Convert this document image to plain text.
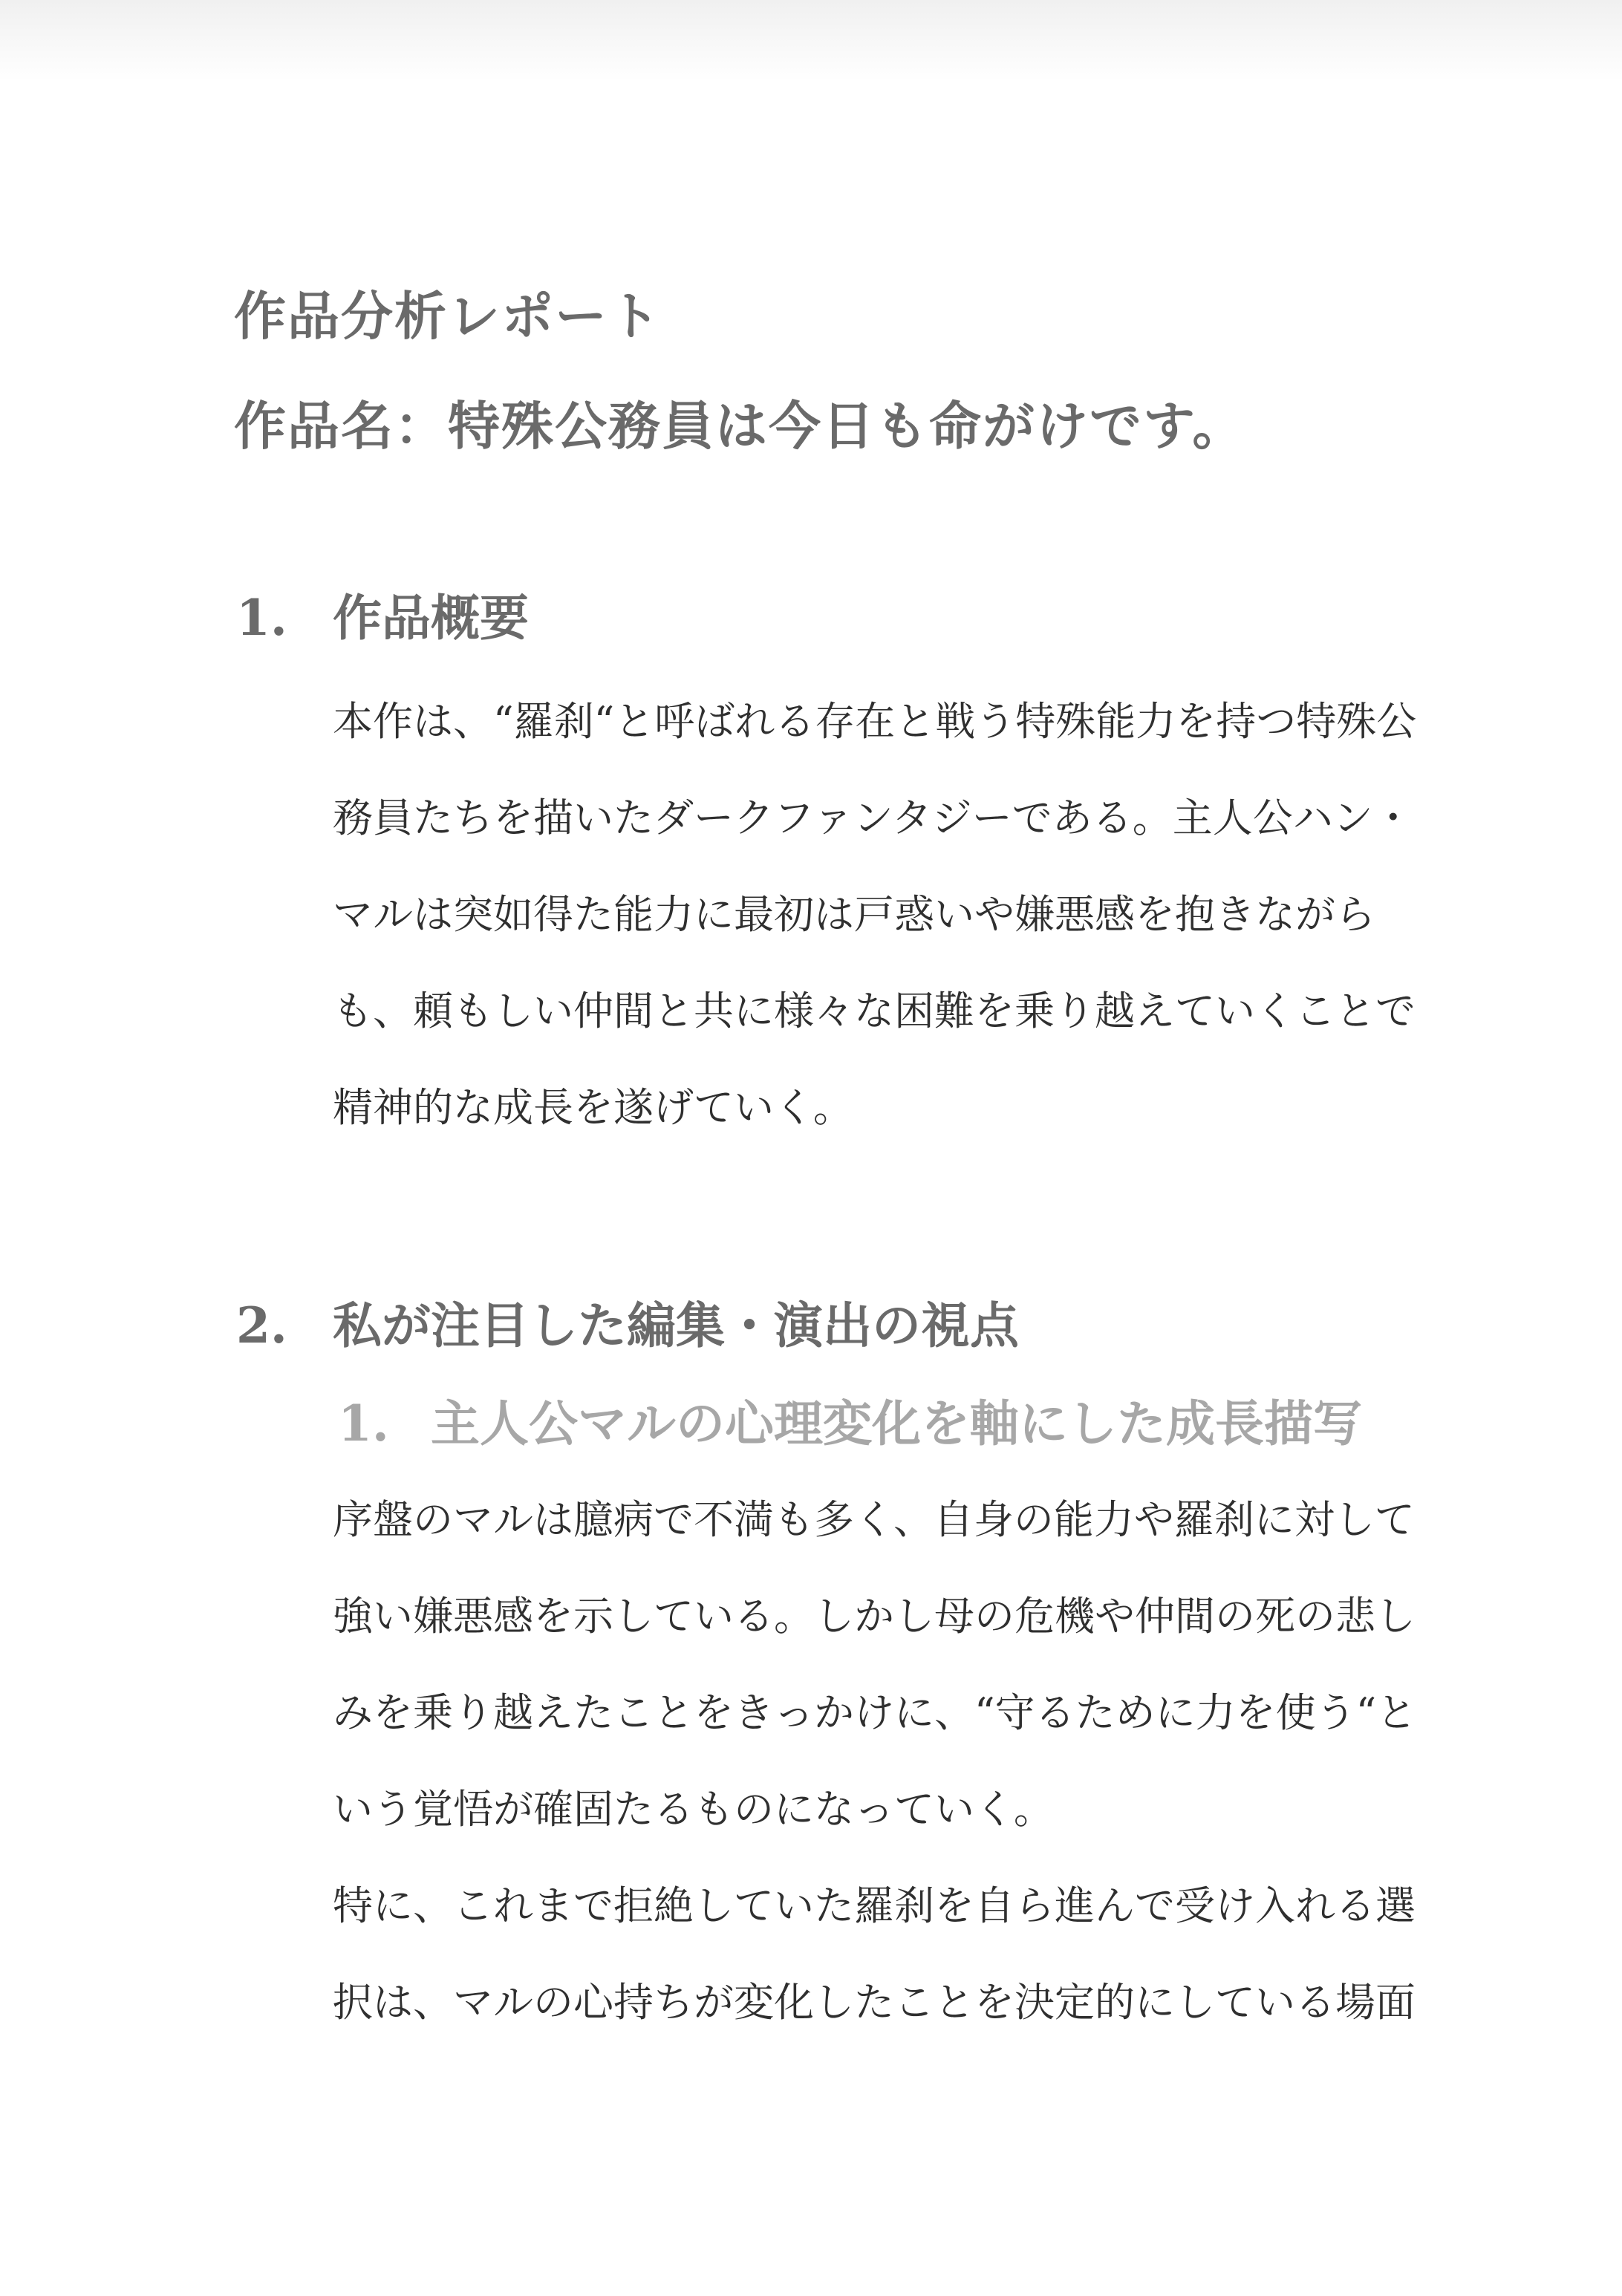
作品分析レポート
作品名：特殊公務員は今日も命がけです。
1. 作品概要
本作は、“羅刹“と呼ばれる存在と戦う特殊能力を持つ特殊公
務員たちを描いたダークファンタジーである。主人公ハン・
マルは突如得た能力に最初は戸惑いや嫌悪感を抱きながら
も、頼もしい仲間と共に様々な困難を乗り越えていくことで
精神的な成長を遂げていく。
2. 私が注目した編集・演出の視点
1. 主人公マルの心理変化を軸にした成長描写
序盤のマルは臆病で不満も多く、自身の能力や羅刹に対して
強い嫌悪感を示している。しかし母の危機や仲間の死の悲し
みを乗り越えたことをきっかけに、“守るために力を使う“と
いう覚悟が確固たるものになっていく。
特に、これまで拒絶していた羅刹を自ら進んで受け入れる選
択は、マルの心持ちが変化したことを決定的にしている場面
